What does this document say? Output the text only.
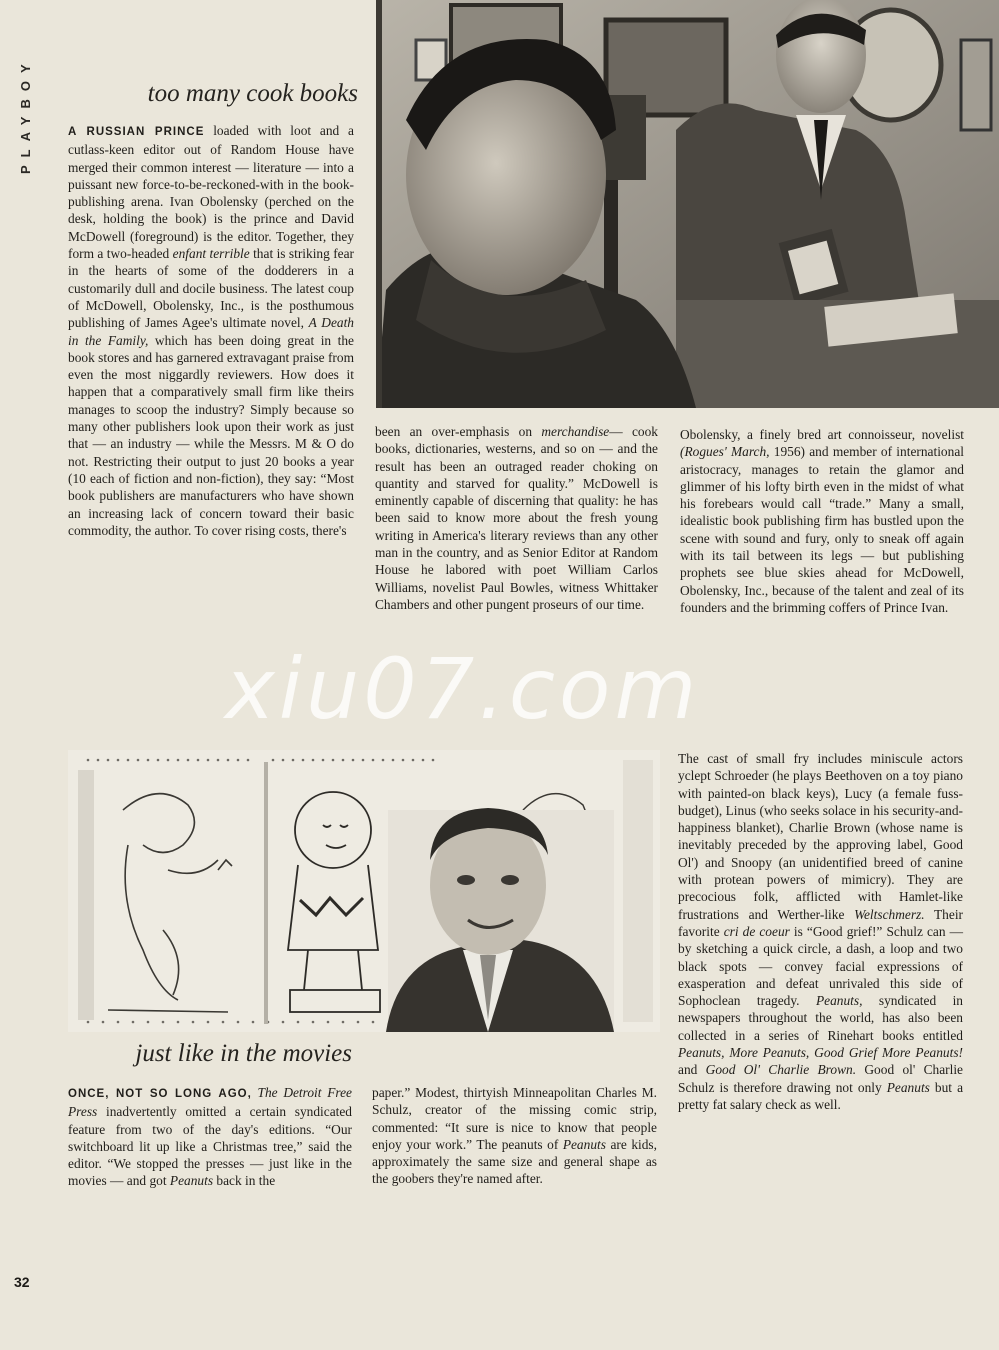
PLAYBOY	too many cook books
A RUSSIAN PRINCE loaded with loot and a cutlass-keen editor out of Random House have merged their common interest — literature — into a puissant new force-to-be-reckoned-with in the book-publishing arena. Ivan Obolensky (perched on the desk, holding the book) is the prince and David McDowell (foreground) is the editor. Together, they form a two-headed enfant terrible that is striking fear in the hearts of some of the dodderers in a customarily dull and docile business. The latest coup of McDowell, Obolensky, Inc., is the posthumous publishing of James Agee's ultimate novel, A Death in the Family, which has been doing great in the book stores and has garnered extravagant praise from even the most niggardly reviewers. How does it happen that a comparatively small firm like theirs manages to scoop the industry? Simply because so many other publishers look upon their work as just that — an industry — while the Messrs. M & O do not. Restricting their output to just 20 books a year (10 each of fiction and non-fiction), they say: “Most book publishers are manufacturers who have shown an increasing lack of concern toward their basic commodity, the author. To cover rising costs, there's
been an over-emphasis on merchandise— cook books, dictionaries, westerns, and so on — and the result has been an outraged reader choking on quantity and starved for quality.” McDowell is eminently capable of discerning that quality: he has been said to know more about the fresh young writing in America's literary reviews than any other man in the country, and as Senior Editor at Random House he labored with poet William Carlos Williams, novelist Paul Bowles, witness Whittaker Chambers and other pungent proseurs of our time.
Obolensky, a finely bred art connoisseur, novelist (Rogues' March, 1956) and member of international aristocracy, manages to retain the glamor and glimmer of his lofty birth even in the midst of what his forebears would call “trade.” Many a small, idealistic book publishing firm has bustled upon the scene with sound and fury, only to sneak off again with its tail between its legs — but publishing prophets see blue skies ahead for McDowell, Obolensky, Inc., because of the talent and zeal of its founders and the brimming coffers of Prince Ivan.
xiu07.com
just like in the movies
ONCE, NOT SO LONG AGO, The Detroit Free Press inadvertently omitted a certain syndicated feature from two of the day's editions. “Our switchboard lit up like a Christmas tree,” said the editor. “We stopped the presses — just like in the movies — and got Peanuts back in the
paper.” Modest, thirtyish Minneapolitan Charles M. Schulz, creator of the missing comic strip, commented: “It sure is nice to know that people enjoy your work.” The peanuts of Peanuts are kids, approximately the same size and general shape as the goobers they're named after.
The cast of small fry includes miniscule actors yclept Schroeder (he plays Beethoven on a toy piano with painted-on black keys), Lucy (a female fuss-budget), Linus (who seeks solace in his security-and-happiness blanket), Charlie Brown (whose name is inevitably preceded by the approving label, Good Ol') and Snoopy (an unidentified breed of canine with protean powers of mimicry). They are precocious folk, afflicted with Hamlet-like frustrations and Werther-like Weltschmerz. Their favorite cri de coeur is “Good grief!” Schulz can — by sketching a quick circle, a dash, a loop and two black spots — convey facial expressions of exasperation and defeat unrivaled this side of Sophoclean tragedy. Peanuts, syndicated in newspapers throughout the world, has also been collected in a series of Rinehart books entitled Peanuts, More Peanuts, Good Grief More Peanuts! and Good Ol' Charlie Brown. Good ol' Charlie Schulz is therefore drawing not only Peanuts but a pretty fat salary check as well.
32
